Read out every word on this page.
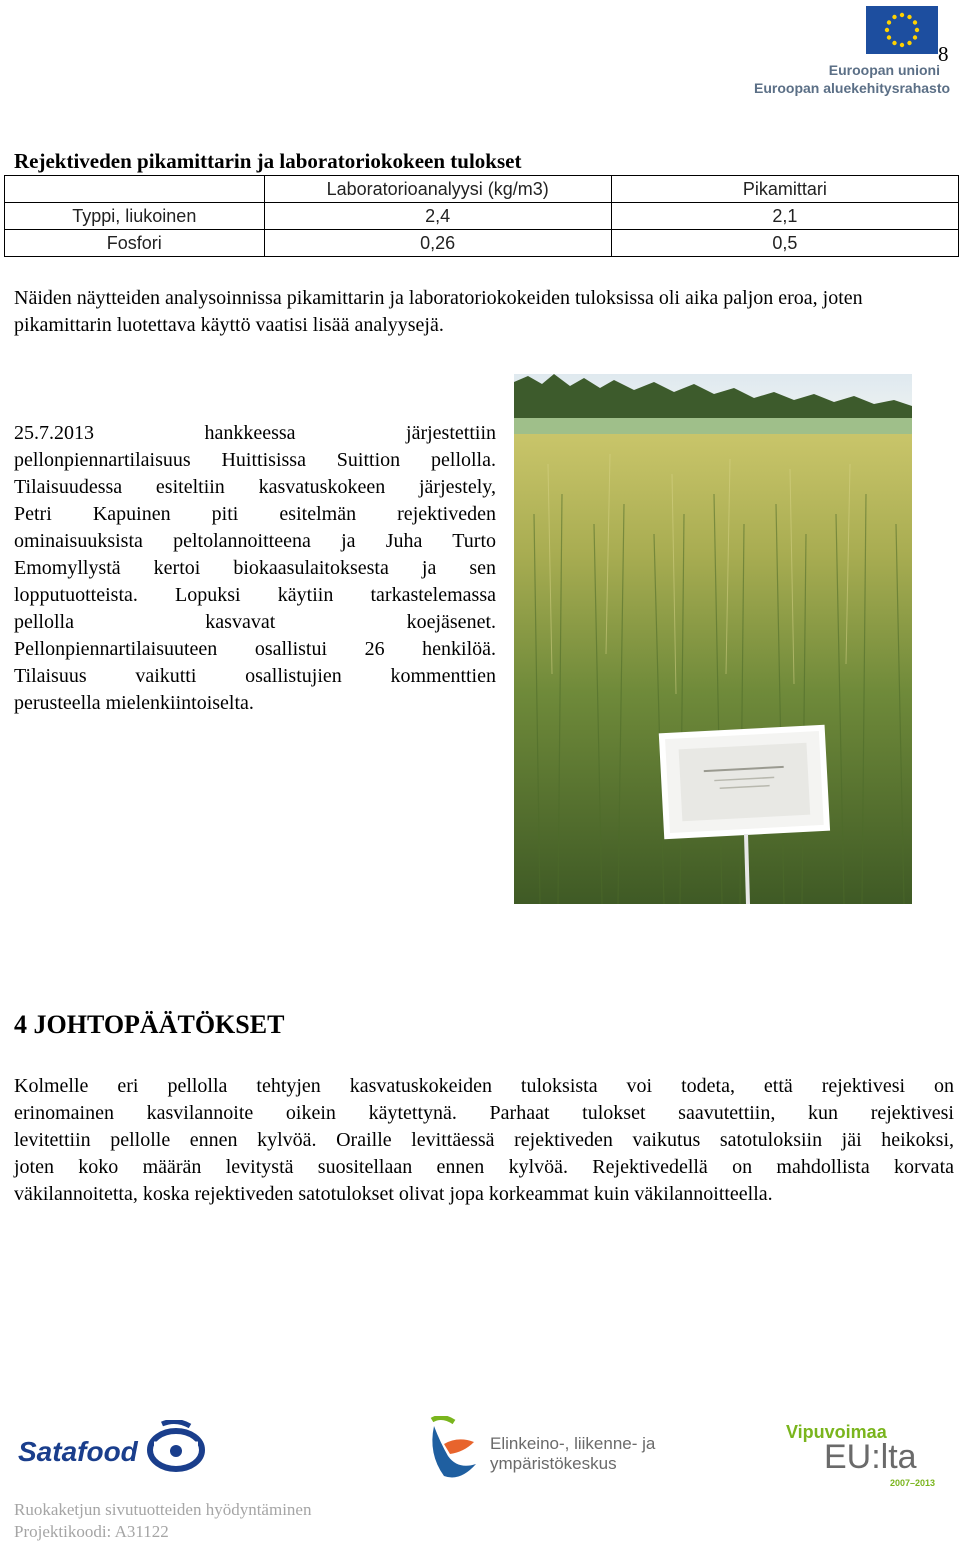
Euroopan unioni
Euroopan aluekehitysrahasto
8
Rejektiveden pikamittarin ja laboratoriokokeen tulokset
	Laboratorioanalyysi (kg/m3)	Pikamittari
Typpi, liukoinen	2,4	2,1
Fosfori	0,26	0,5
Näiden näytteiden analysoinnissa pikamittarin ja laboratoriokokeiden tuloksissa oli aika paljon eroa, joten pikamittarin luotettava käyttö vaatisi lisää analyysejä.
25.7.2013 hankkeessa järjestettiin
pellonpiennartilaisuus Huittisissa Suittion pellolla.
Tilaisuudessa esiteltiin kasvatuskokeen järjestely,
Petri Kapuinen piti esitelmän rejektiveden
ominaisuuksista peltolannoitteena ja Juha Turto
Emomyllystä kertoi biokaasulaitoksesta ja sen
lopputuotteista. Lopuksi käytiin tarkastelemassa
pellolla kasvavat koejäsenet.
Pellonpiennartilaisuuteen osallistui 26 henkilöä.
Tilaisuus vaikutti osallistujien kommenttien
perusteella mielenkiintoiselta.
4 JOHTOPÄÄTÖKSET
Kolmelle eri pellolla tehtyjen kasvatuskokeiden tuloksista voi todeta, että rejektivesi on
erinomainen kasvilannoite oikein käytettynä. Parhaat tulokset saavutettiin, kun rejektivesi
levitettiin pellolle ennen kylvöä. Oraille levittäessä rejektiveden vaikutus satotuloksiin jäi heikoksi,
joten koko määrän levitystä suositellaan ennen kylvöä. Rejektivedellä on mahdollista korvata
väkilannoitetta, koska rejektiveden satotulokset olivat jopa korkeammat kuin väkilannoitteella.
Satafood	Elinkeino-, liikenne- ja
ympäristökeskus
Vipuvoimaa
EU:lta
2007–2013
Ruokaketjun sivutuotteiden hyödyntäminen
Projektikoodi: A31122
